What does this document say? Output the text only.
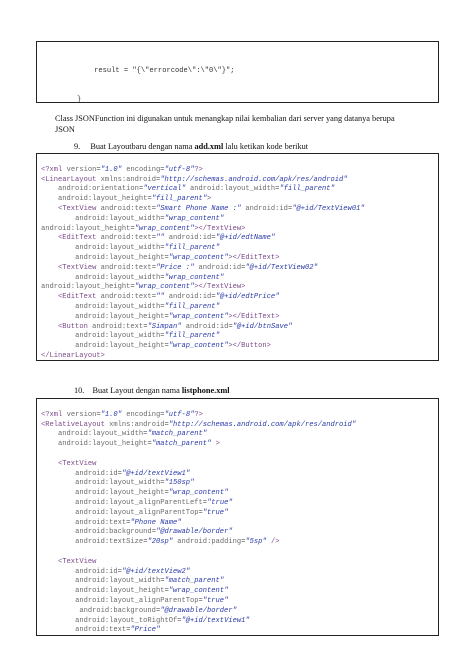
result = "{\"errorcode\":\"0\"}";

}

Class JSONFunction ini digunakan untuk menangkap nilai kembalian dari server yang datanya berupa
JSON
9. Buat Layoutbaru dengan nama add.xml lalu ketikan kode berikut

<?xml version="1.0" encoding="utf-8"?>
<LinearLayout xmlns:android="http://schemas.android.com/apk/res/android"
android:orientation="vertical" android:layout_width="fill_parent"
android:layout_height="fill_parent">
<TextView android:text="Smart Phone Name :" android:id="@+id/TextView01"
android:layout_width="wrap_content"
android:layout_height="wrap_content"></TextView>
<EditText android:text="" android:id="@+id/edtName"
android:layout_width="fill_parent"
android:layout_height="wrap_content"></EditText>
<TextView android:text="Price :" android:id="@+id/TextView02"
android:layout_width="wrap_content"
android:layout_height="wrap_content"></TextView>
<EditText android:text="" android:id="@+id/edtPrice"
android:layout_width="fill_parent"
android:layout_height="wrap_content"></EditText>
<Button android:text="Simpan" android:id="@+id/btnSave"
android:layout_width="fill_parent"
android:layout_height="wrap_content"></Button>
</LinearLayout>
10. Buat Layout dengan nama listphone.xml

<?xml version="1.0" encoding="utf-8"?>
<RelativeLayout xmlns:android="http://schemas.android.com/apk/res/android"
android:layout_width="match_parent"
android:layout_height="match_parent" >
<TextView
android:id="@+id/textView1"
android:layout_width="150sp"
android:layout_height="wrap_content"
android:layout_alignParentLeft="true"
android:layout_alignParentTop="true"
android:text="Phone Name"
android:background="@drawable/border"
android:textSize="20sp" android:padding="5sp" />
<TextView
android:id="@+id/textView2"
android:layout_width="match_parent"
android:layout_height="wrap_content"
android:layout_alignParentTop="true"
android:background="@drawable/border"
android:layout_toRightOf="@+id/textView1"
android:text="Price"
